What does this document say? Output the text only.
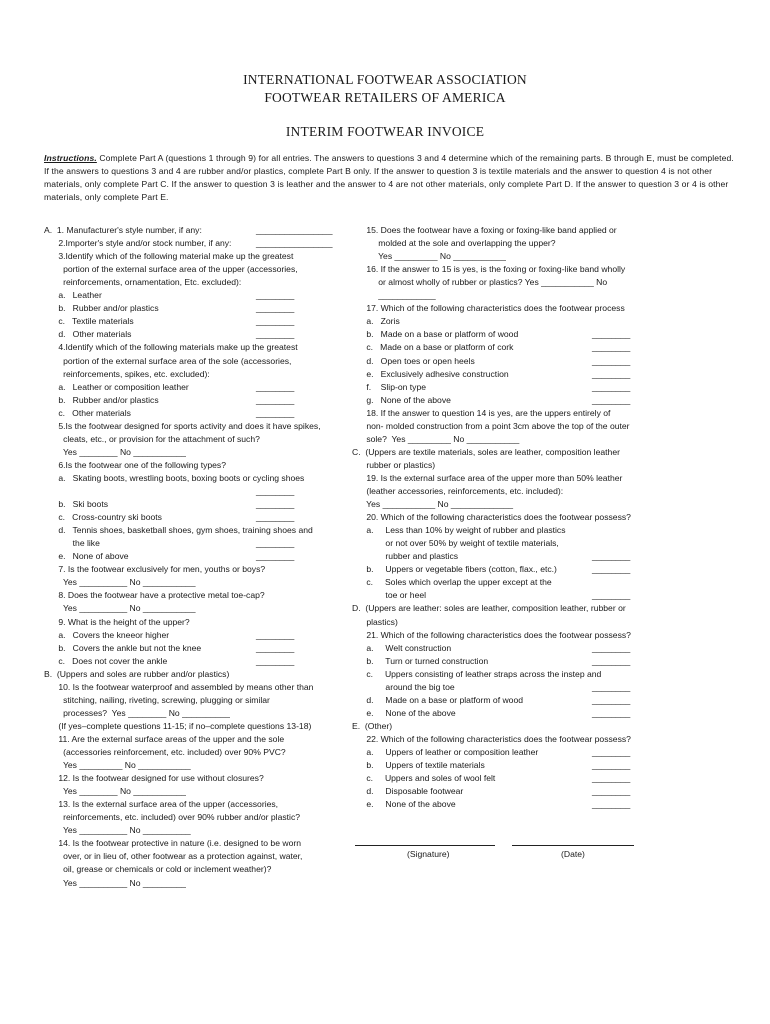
INTERNATIONAL FOOTWEAR ASSOCIATION
FOOTWEAR RETAILERS OF AMERICA
INTERIM FOOTWEAR INVOICE
Instructions. Complete Part A (questions 1 through 9) for all entries. The answers to questions 3 and 4 determine which of the remaining parts. B through E, must be completed. If the answers to questions 3 and 4 are rubber and/or plastics, complete Part B only. If the answer to question 3 is textile materials and the answer to question 4 is not other materials, only complete Part C. If the answer to question 3 is leather and the answer to 4 are not other materials, only complete Part D. If the answer to question 3 or 4 is other materials, only complete Part E.
A.  1. Manufacturer's style number, if any:
2.Importer's style and/or stock number, if any:
3.Identify which of the following material make up the greatest
portion of the external surface area of the upper (accessories,
reinforcements, ornamentation, Etc. excluded):
a.   Leather
b.   Rubber and/or plastics
c.   Textile materials
d.   Other materials
4.Identify which of the following materials make up the greatest
portion of the external surface area of the sole (accessories,
reinforcements, spikes, etc. excluded):
a.   Leather or composition leather
b.   Rubber and/or plastics
c.   Other materials
5.Is the footwear designed for sports activity and does it have spikes,
cleats, etc., or provision for the attachment of such?
Yes ________ No ___________
6.Is the footwear one of the following types?
a.   Skating boots, wrestling boots, boxing boots or cycling shoes
b.   Ski boots
c.   Cross-country ski boots
d.   Tennis shoes, basketball shoes, gym shoes, training shoes and
the like
e.   None of above
7. Is the footwear exclusively for men, youths or boys?
Yes __________ No ___________
8. Does the footwear have a protective metal toe-cap?
Yes __________ No ___________
9. What is the height of the upper?
a.   Covers the kneeor higher
b.   Covers the ankle but not the knee
c.   Does not cover the ankle
B.  (Uppers and soles are rubber and/or plastics)
10. Is the footwear waterproof and assembled by means other than
stitching, nailing, riveting, screwing, plugging or similar
processes?  Yes ________ No __________
(If yes–complete questions 11-15; if no–complete questions 13-18)
11. Are the external surface areas of the upper and the sole
(accessories reinforcement, etc. included) over 90% PVC?
Yes _________ No ___________
12. Is the footwear designed for use without closures?
Yes ________ No ___________
13. Is the external surface area of the upper (accessories,
reinforcements, etc. included) over 90% rubber and/or plastic?
Yes __________ No __________
14. Is the footwear protective in nature (i.e. designed to be worn
over, or in lieu of, other footwear as a protection against, water,
oil, grease or chemicals or cold or inclement weather)?
Yes __________ No _________
________________
________________
________
________
________
________
________
________
________
________
________
________
________
________
________
________
________
15. Does the footwear have a foxing or foxing-like band applied or
molded at the sole and overlapping the upper?
Yes _________ No ___________
16. If the answer to 15 is yes, is the foxing or foxing-like band wholly
or almost wholly of rubber or plastics? Yes ___________ No
____________
17. Which of the following characteristics does the footwear process
a.   Zoris
b.   Made on a base or platform of wood
c.   Made on a base or platform of cork
d.   Open toes or open heels
e.   Exclusively adhesive construction
f.    Slip-on type
g.   None of the above
18. If the answer to question 14 is yes, are the uppers entirely of
non- molded construction from a point 3cm above the top of the outer
sole?  Yes _________ No ___________
C.  (Uppers are textile materials, soles are leather, composition leather
rubber or plastics)
19. Is the external surface area of the upper more than 50% leather
(leather accessories, reinforcements, etc. included):
Yes ___________ No _____________
20. Which of the following characteristics does the footwear possess?
a.     Less than 10% by weight of rubber and plastics
or not over 50% by weight of textile materials,
rubber and plastics
b.     Uppers or vegetable fibers (cotton, flax., etc.)
c.     Soles which overlap the upper except at the
toe or heel
D.  (Uppers are leather: soles are leather, composition leather, rubber or
plastics)
21. Which of the following characteristics does the footwear possess?
a.     Welt construction
b.     Turn or turned construction
c.     Uppers consisting of leather straps across the instep and
around the big toe
d.     Made on a base or platform of wood
e.     None of the above
E.  (Other)
22. Which of the following characteristics does the footwear possess?
a.     Uppers of leather or composition leather
b.     Uppers of textile materials
c.     Uppers and soles of wool felt
d.     Disposable footwear
e.     None of the above
________
________
________
________
________
________
________
________
________
________
________
________
________
________
________
________
________
________
________
(Signature)	(Date)
